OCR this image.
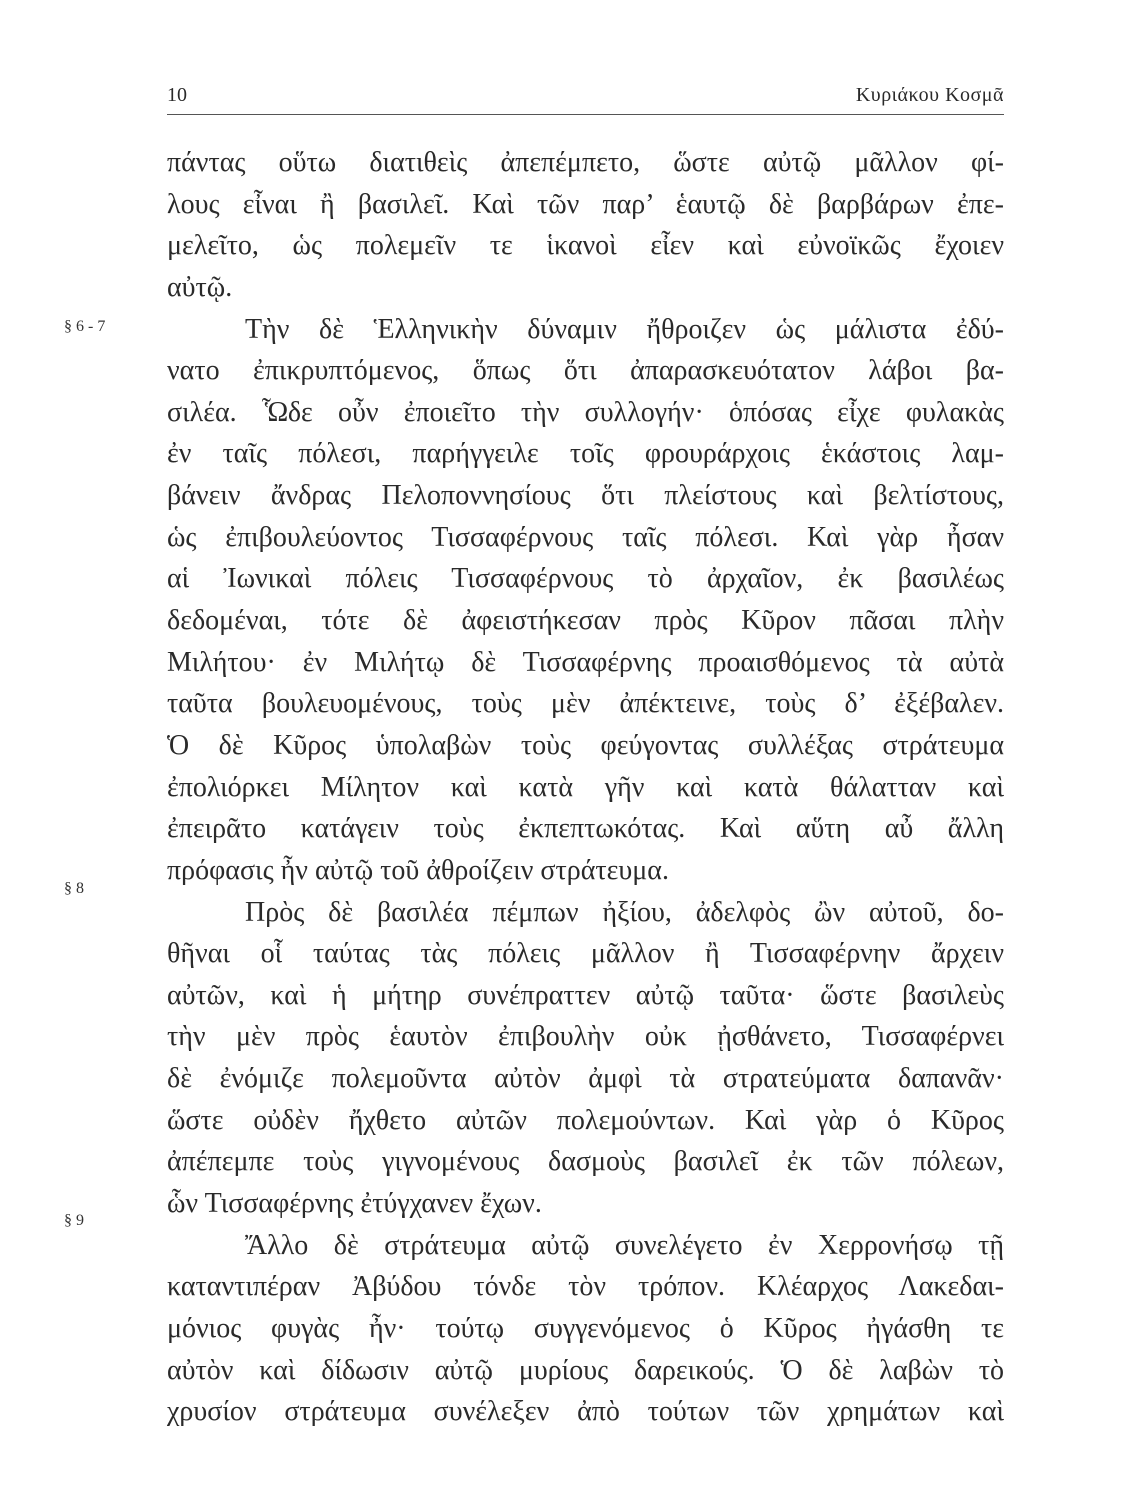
10	Κυριάκου Κοσμᾶ
§ 6 - 7
§ 8
§ 9
πάντας οὕτω διατιθεὶς ἀπεπέμπετο, ὥστε αὐτῷ μᾶλλον φί-
λους εἶναι ἢ βασιλεῖ. Καὶ τῶν παρ’ ἑαυτῷ δὲ βαρβάρων ἐπε-
μελεῖτο, ὡς πολεμεῖν τε ἱκανοὶ εἶεν καὶ εὐνοϊκῶς ἔχοιεν
αὐτῷ.
Τὴν δὲ Ἑλληνικὴν δύναμιν ἤθροιζεν ὡς μάλιστα ἐδύ-
νατο ἐπικρυπτόμενος, ὅπως ὅτι ἀπαρασκευότατον λάβοι βα-
σιλέα. Ὧδε οὖν ἐποιεῖτο τὴν συλλογήν· ὁπόσας εἶχε φυλακὰς
ἐν ταῖς πόλεσι, παρήγγειλε τοῖς φρουράρχοις ἑκάστοις λαμ-
βάνειν ἄνδρας Πελοποννησίους ὅτι πλείστους καὶ βελτίστους,
ὡς ἐπιβουλεύοντος Τισσαφέρνους ταῖς πόλεσι. Καὶ γὰρ ἦσαν
αἱ Ἰωνικαὶ πόλεις Τισσαφέρνους τὸ ἀρχαῖον, ἐκ βασιλέως
δεδομέναι, τότε δὲ ἀφειστήκεσαν πρὸς Κῦρον πᾶσαι πλὴν
Μιλήτου· ἐν Μιλήτῳ δὲ Τισσαφέρνης προαισθόμενος τὰ αὐτὰ
ταῦτα βουλευομένους, τοὺς μὲν ἀπέκτεινε, τοὺς δ’ ἐξέβαλεν.
Ὁ δὲ Κῦρος ὑπολαβὼν τοὺς φεύγοντας συλλέξας στράτευμα
ἐπολιόρκει Μίλητον καὶ κατὰ γῆν καὶ κατὰ θάλατταν καὶ
ἐπειρᾶτο κατάγειν τοὺς ἐκπεπτωκότας. Καὶ αὕτη αὖ ἄλλη
πρόφασις ἦν αὐτῷ τοῦ ἀθροίζειν στράτευμα.
Πρὸς δὲ βασιλέα πέμπων ἠξίου, ἀδελφὸς ὢν αὐτοῦ, δο-
θῆναι οἷ ταύτας τὰς πόλεις μᾶλλον ἢ Τισσαφέρνην ἄρχειν
αὐτῶν, καὶ ἡ μήτηρ συνέπραττεν αὐτῷ ταῦτα· ὥστε βασιλεὺς
τὴν μὲν πρὸς ἑαυτὸν ἐπιβουλὴν οὐκ ᾐσθάνετο, Τισσαφέρνει
δὲ ἐνόμιζε πολεμοῦντα αὐτὸν ἀμφὶ τὰ στρατεύματα δαπανᾶν·
ὥστε οὐδὲν ἤχθετο αὐτῶν πολεμούντων. Καὶ γὰρ ὁ Κῦρος
ἀπέπεμπε τοὺς γιγνομένους δασμοὺς βασιλεῖ ἐκ τῶν πόλεων,
ὧν Τισσαφέρνης ἐτύγχανεν ἔχων.
Ἄλλο δὲ στράτευμα αὐτῷ συνελέγετο ἐν Χερρονήσῳ τῇ
καταντιπέραν Ἀβύδου τόνδε τὸν τρόπον. Κλέαρχος Λακεδαι-
μόνιος φυγὰς ἦν· τούτῳ συγγενόμενος ὁ Κῦρος ἠγάσθη τε
αὐτὸν καὶ δίδωσιν αὐτῷ μυρίους δαρεικούς. Ὁ δὲ λαβὼν τὸ
χρυσίον στράτευμα συνέλεξεν ἀπὸ τούτων τῶν χρημάτων καὶ
